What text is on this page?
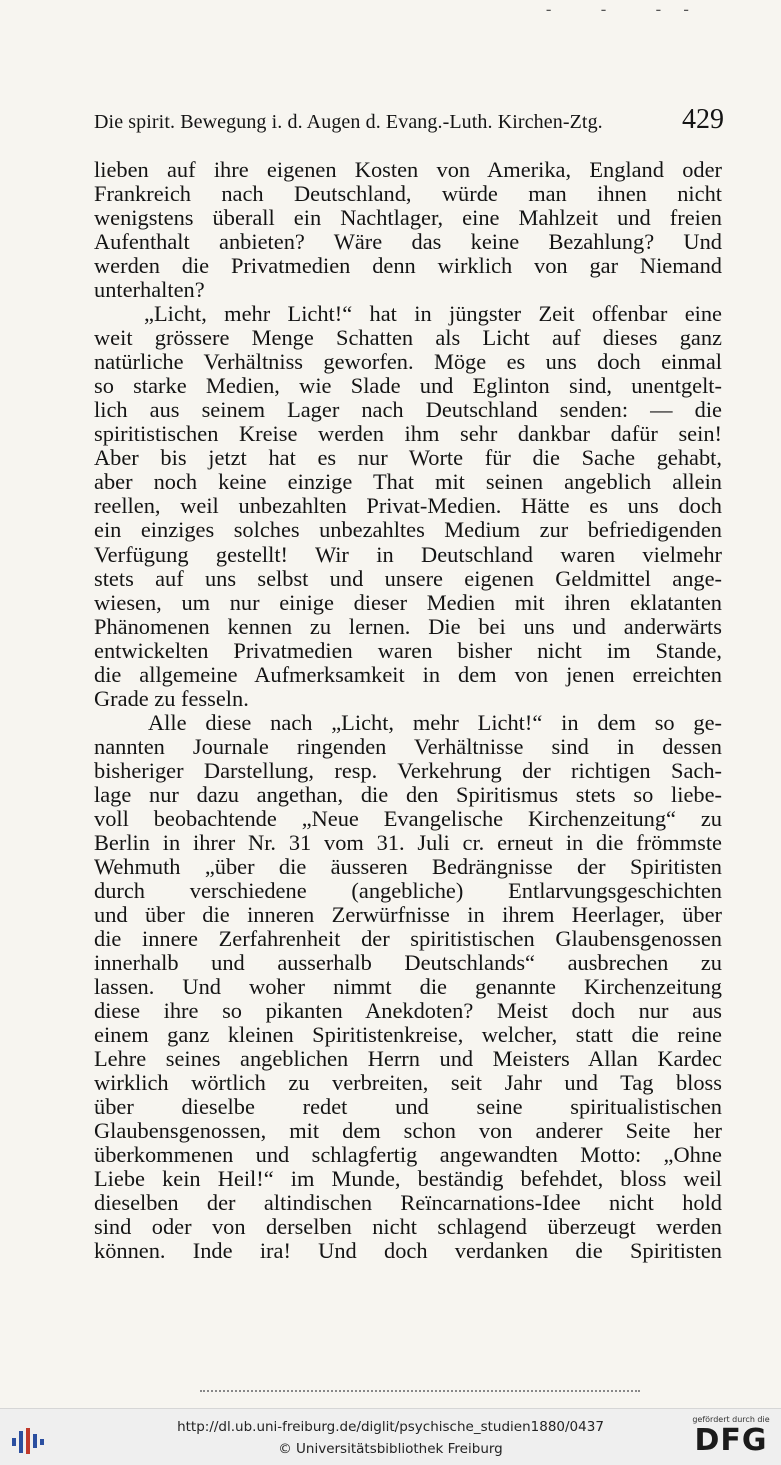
‐ ‐ ‐‐
Die spirit. Bewegung i. d. Augen d. Evang.-Luth. Kirchen-Ztg.	429
lieben auf ihre eigenen Kosten von Amerika, England oder
Frankreich nach Deutschland, würde man ihnen nicht
wenigstens überall ein Nachtlager, eine Mahlzeit und freien
Aufenthalt anbieten? Wäre das keine Bezahlung? Und
werden die Privatmedien denn wirklich von gar Niemand
unterhalten?
„Licht, mehr Licht!“ hat in jüngster Zeit offenbar eine
weit grössere Menge Schatten als Licht auf dieses ganz
natürliche Verhältniss geworfen. Möge es uns doch einmal
so starke Medien, wie Slade und Eglinton sind, unentgelt-
lich aus seinem Lager nach Deutschland senden: — die
spiritistischen Kreise werden ihm sehr dankbar dafür sein!
Aber bis jetzt hat es nur Worte für die Sache gehabt,
aber noch keine einzige That mit seinen angeblich allein
reellen, weil unbezahlten Privat-Medien. Hätte es uns doch
ein einziges solches unbezahltes Medium zur befriedigenden
Verfügung gestellt! Wir in Deutschland waren vielmehr
stets auf uns selbst und unsere eigenen Geldmittel ange-
wiesen, um nur einige dieser Medien mit ihren eklatanten
Phänomenen kennen zu lernen. Die bei uns und anderwärts
entwickelten Privatmedien waren bisher nicht im Stande,
die allgemeine Aufmerksamkeit in dem von jenen erreichten
Grade zu fesseln.
Alle diese nach „Licht, mehr Licht!“ in dem so ge-
nannten Journale ringenden Verhältnisse sind in dessen
bisheriger Darstellung, resp. Verkehrung der richtigen Sach-
lage nur dazu angethan, die den Spiritismus stets so liebe-
voll beobachtende „Neue Evangelische Kirchenzeitung“ zu
Berlin in ihrer Nr. 31 vom 31. Juli cr. erneut in die frömmste
Wehmuth „über die äusseren Bedrängnisse der Spiritisten
durch verschiedene (angebliche) Entlarvungsgeschichten
und über die inneren Zerwürfnisse in ihrem Heerlager, über
die innere Zerfahrenheit der spiritistischen Glaubensgenossen
innerhalb und ausserhalb Deutschlands“ ausbrechen zu
lassen. Und woher nimmt die genannte Kirchenzeitung
diese ihre so pikanten Anekdoten? Meist doch nur aus
einem ganz kleinen Spiritistenkreise, welcher, statt die reine
Lehre seines angeblichen Herrn und Meisters Allan Kardec
wirklich wörtlich zu verbreiten, seit Jahr und Tag bloss
über dieselbe redet und seine spiritualistischen
Glaubensgenossen, mit dem schon von anderer Seite her
überkommenen und schlagfertig angewandten Motto: „Ohne
Liebe kein Heil!“ im Munde, beständig befehdet, bloss weil
dieselben der altindischen Reïncarnations-Idee nicht hold
sind oder von derselben nicht schlagend überzeugt werden
können. Inde ira! Und doch verdanken die Spiritisten
http://dl.ub.uni-freiburg.de/diglit/psychische_studien1880/0437
© Universitätsbibliothek Freiburg
gefördert durch die
DFG
